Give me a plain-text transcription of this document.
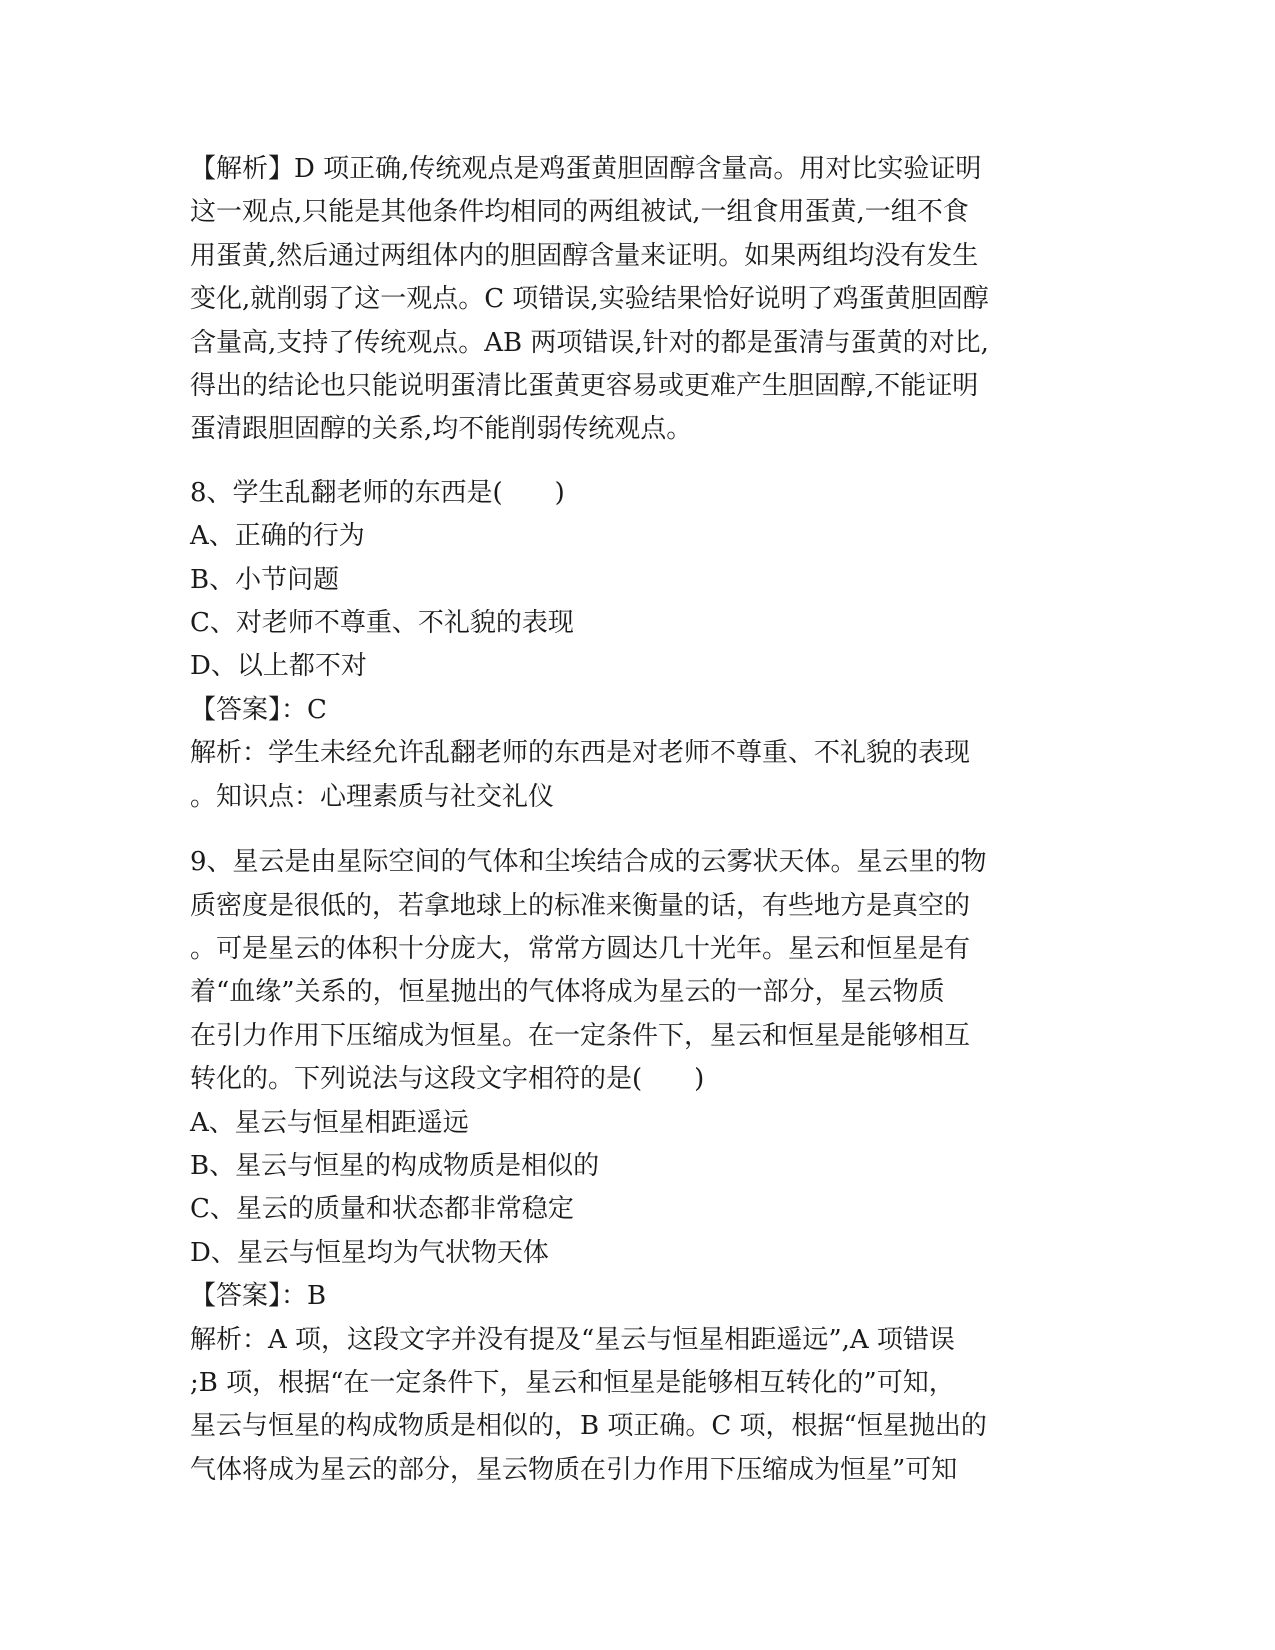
【解析】D 项正确,传统观点是鸡蛋黄胆固醇含量高。用对比实验证明

这一观点,只能是其他条件均相同的两组被试,一组食用蛋黄,一组不食

用蛋黄,然后通过两组体内的胆固醇含量来证明。如果两组均没有发生

变化,就削弱了这一观点。C 项错误,实验结果恰好说明了鸡蛋黄胆固醇

含量高,支持了传统观点。AB 两项错误,针对的都是蛋清与蛋黄的对比,

得出的结论也只能说明蛋清比蛋黄更容易或更难产生胆固醇,不能证明

蛋清跟胆固醇的关系,均不能削弱传统观点。

8、学生乱翻老师的东西是(　　)

A、正确的行为

B、小节问题

C、对老师不尊重、不礼貌的表现

D、以上都不对

【答案】：C

解析：学生未经允许乱翻老师的东西是对老师不尊重、不礼貌的表现

。知识点：心理素质与社交礼仪

9、星云是由星际空间的气体和尘埃结合成的云雾状天体。星云里的物

质密度是很低的，若拿地球上的标准来衡量的话，有些地方是真空的

。可是星云的体积十分庞大，常常方圆达几十光年。星云和恒星是有

着“血缘”关系的，恒星抛出的气体将成为星云的一部分，星云物质

在引力作用下压缩成为恒星。在一定条件下，星云和恒星是能够相互

转化的。下列说法与这段文字相符的是(　　)

A、星云与恒星相距遥远

B、星云与恒星的构成物质是相似的

C、星云的质量和状态都非常稳定

D、星云与恒星均为气状物天体

【答案】：B

解析：A 项，这段文字并没有提及“星云与恒星相距遥远”,A 项错误

;B 项，根据“在一定条件下，星云和恒星是能够相互转化的”可知，

星云与恒星的构成物质是相似的，B 项正确。C 项，根据“恒星抛出的

气体将成为星云的部分，星云物质在引力作用下压缩成为恒星”可知
